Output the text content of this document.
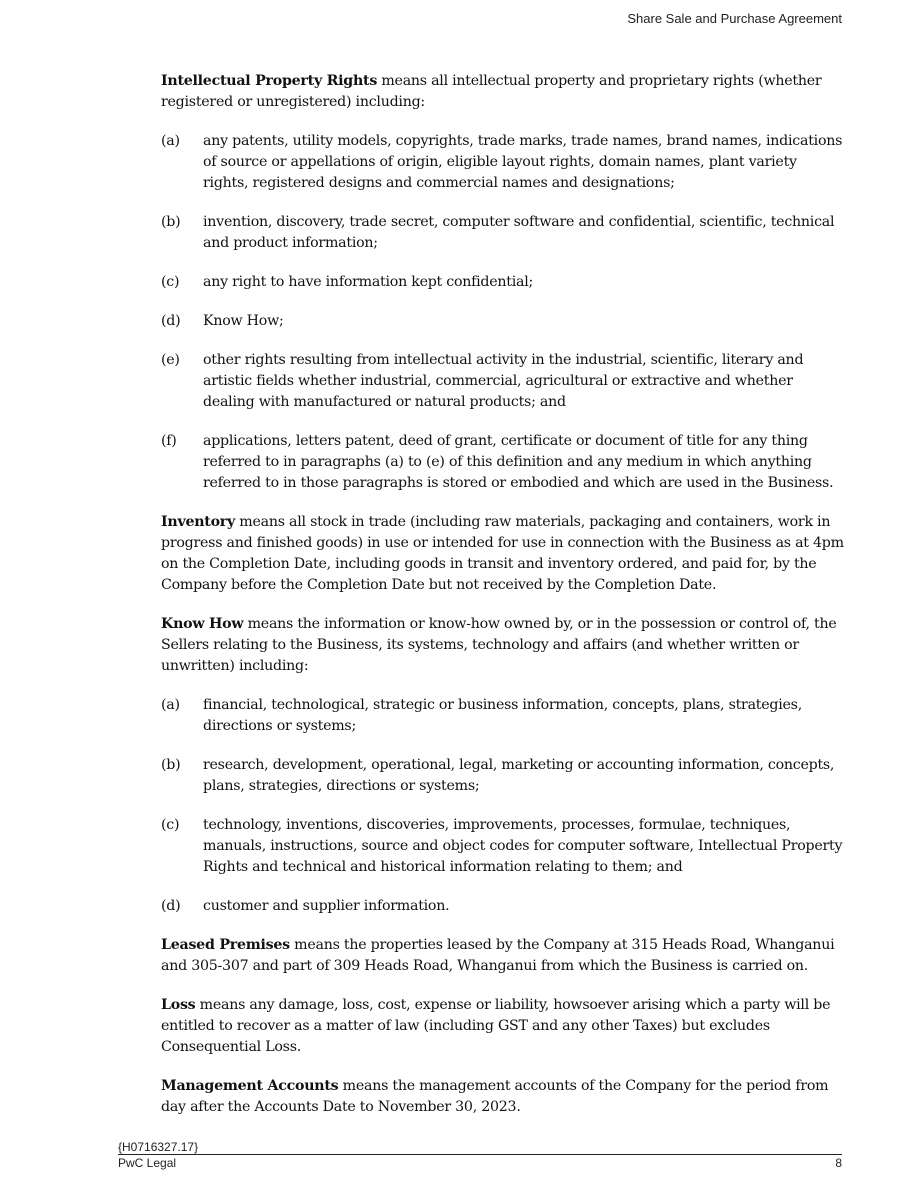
Share Sale and Purchase Agreement

Intellectual Property Rights means all intellectual property and proprietary rights (whether registered or unregistered) including:

(a)	any patents, utility models, copyrights, trade marks, trade names, brand names, indications of source or appellations of origin, eligible layout rights, domain names, plant variety rights, registered designs and commercial names and designations;
(b)	invention, discovery, trade secret, computer software and confidential, scientific, technical and product information;
(c)	any right to have information kept confidential;
(d)	Know How;
(e)	other rights resulting from intellectual activity in the industrial, scientific, literary and artistic fields whether industrial, commercial, agricultural or extractive and whether dealing with manufactured or natural products; and
(f)	applications, letters patent, deed of grant, certificate or document of title for any thing referred to in paragraphs (a) to (e) of this definition and any medium in which anything referred to in those paragraphs is stored or embodied and which are used in the Business.

Inventory means all stock in trade (including raw materials, packaging and containers, work in progress and finished goods) in use or intended for use in connection with the Business as at 4pm on the Completion Date, including goods in transit and inventory ordered, and paid for, by the Company before the Completion Date but not received by the Completion Date.

Know How means the information or know-how owned by, or in the possession or control of, the Sellers relating to the Business, its systems, technology and affairs (and whether written or unwritten) including:

(a)	financial, technological, strategic or business information, concepts, plans, strategies, directions or systems;
(b)	research, development, operational, legal, marketing or accounting information, concepts, plans, strategies, directions or systems;
(c)	technology, inventions, discoveries, improvements, processes, formulae, techniques, manuals, instructions, source and object codes for computer software, Intellectual Property Rights and technical and historical information relating to them; and
(d)	customer and supplier information.

Leased Premises means the properties leased by the Company at 315 Heads Road, Whanganui and 305-307 and part of 309 Heads Road, Whanganui from which the Business is carried on.

Loss means any damage, loss, cost, expense or liability, howsoever arising which a party will be entitled to recover as a matter of law (including GST and any other Taxes) but excludes Consequential Loss.

Management Accounts means the management accounts of the Company for the period from day after the Accounts Date to November 30, 2023.

{H0716327.17}
PwC Legal	8
